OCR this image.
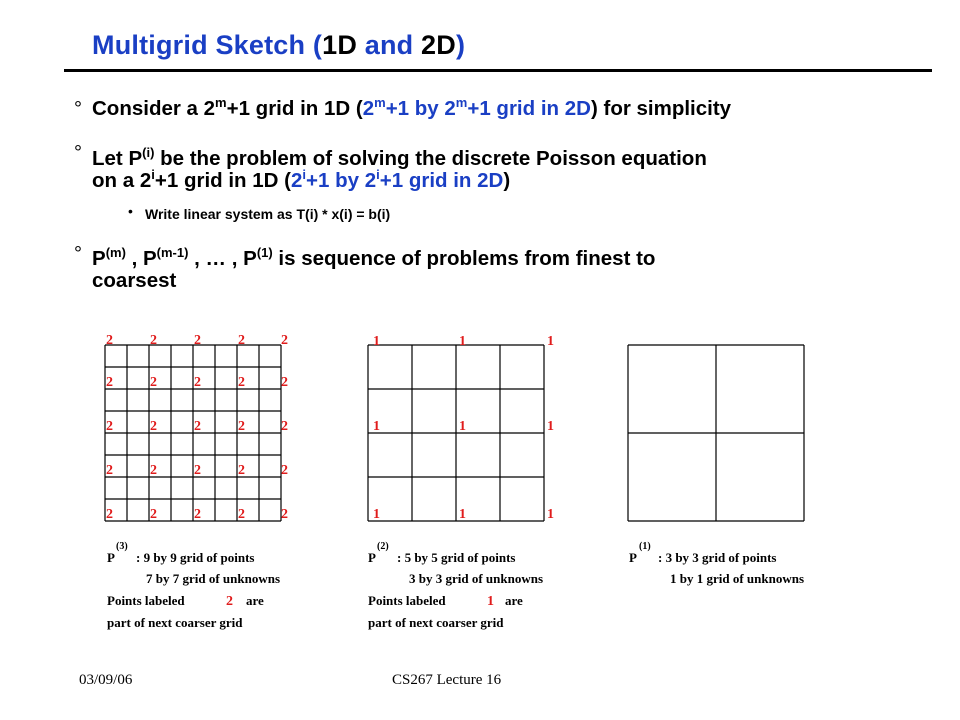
Multigrid Sketch (1D and 2D)
° Consider a $2^m+1$ grid in 1D ($2^m+1$ by $2^m+1$ grid in 2D) for simplicity
° Let $P^{(i)}$ be the problem of solving the discrete Poisson equation
on a $2^i+1$ grid in 1D ($2^i+1$ by $2^i+1$ grid in 2D)
• Write linear system as T(i) * x(i) = b(i)
° $P^{(m)}$ , $P^{(m-1)}$ , … , $P^{(1)}$ is sequence of problems from finest to
coarsest
2	2	2	2	2
2	2	2	2	2
2	2	2	2	2
2	2	2	2	2
2	2	2	2	2
1	1	1
1	1	1
1	1	1
P
(3)
: 9 by 9 grid of points
7 by 7 grid of unknowns
Points labeled	2 are
part of next coarser grid
P
(2)
: 5 by 5 grid of points
3 by 3 grid of unknowns
Points labeled	1 are
part of next coarser grid
P
(1)
: 3 by 3 grid of points
1 by 1 grid of unknowns
03/09/06	CS267 Lecture 16
